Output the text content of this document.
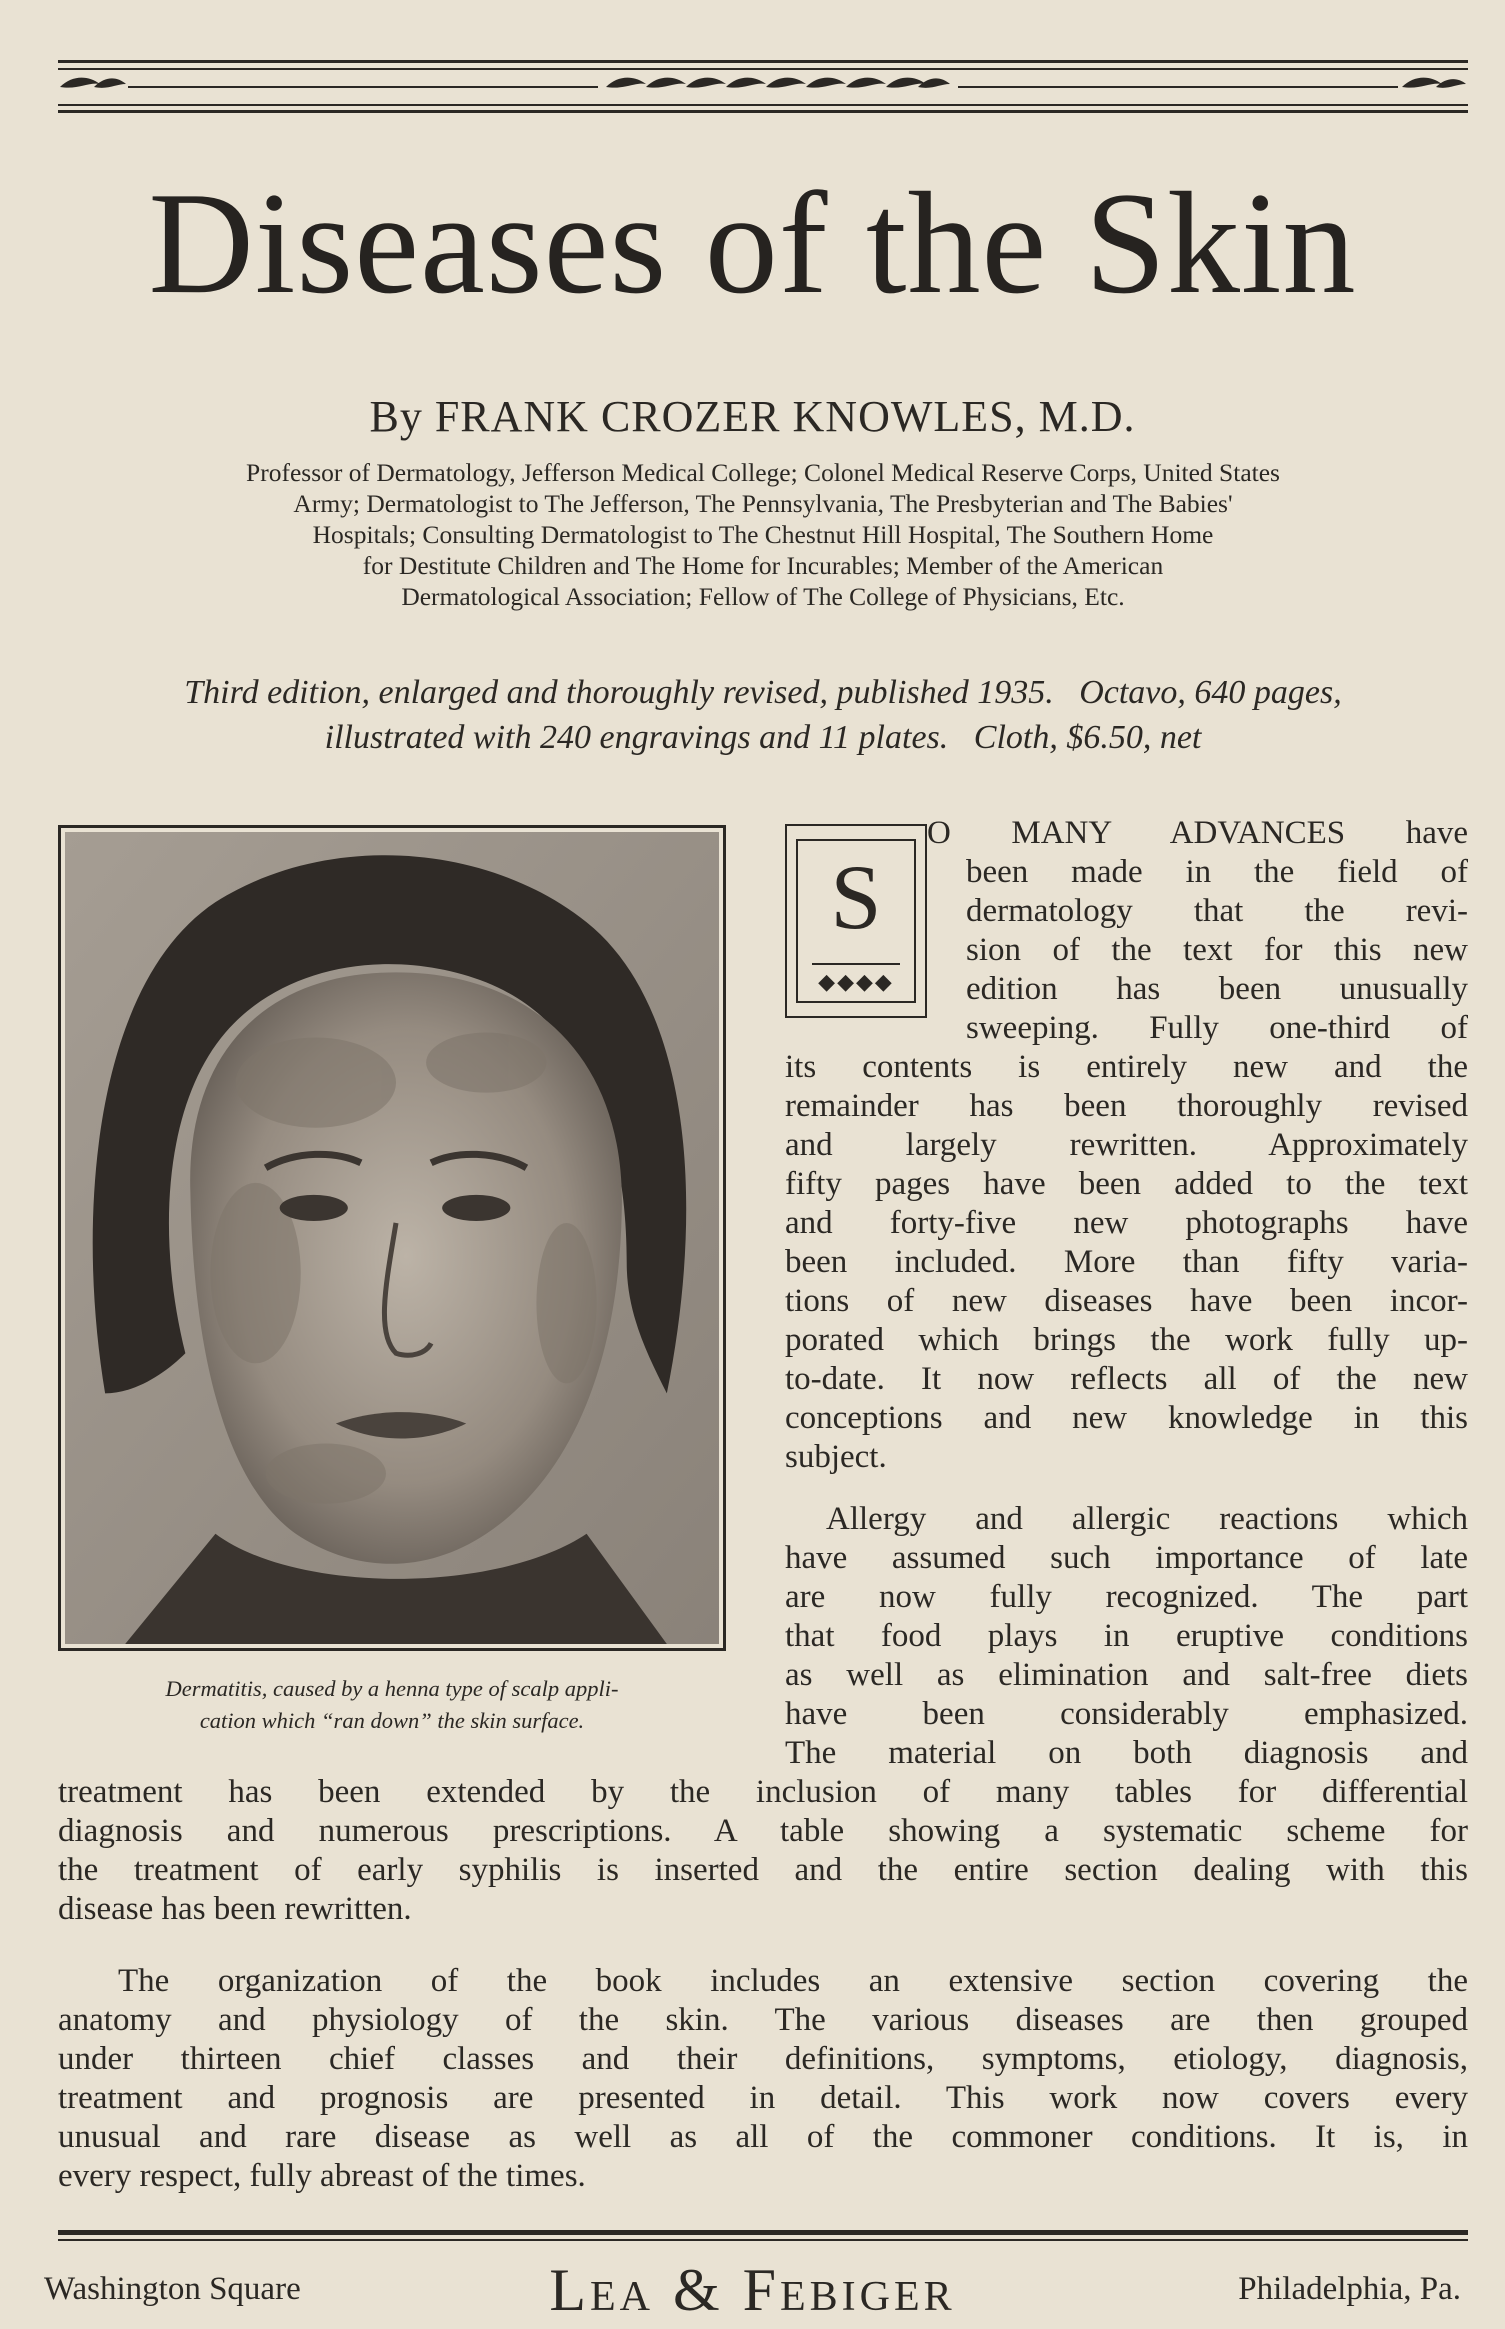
Diseases of the Skin
By FRANK CROZER KNOWLES, M.D.
Professor of Dermatology, Jefferson Medical College; Colonel Medical Reserve Corps, United States
Army; Dermatologist to The Jefferson, The Pennsylvania, The Presbyterian and The Babies'
Hospitals; Consulting Dermatologist to The Chestnut Hill Hospital, The Southern Home
for Destitute Children and The Home for Incurables; Member of the American
Dermatological Association; Fellow of The College of Physicians, Etc.
Third edition, enlarged and thoroughly revised, published 1935.   Octavo, 640 pages,
illustrated with 240 engravings and 11 plates.   Cloth, $6.50, net
Dermatitis, caused by a henna type of scalp appli-
cation which “ran down” the skin surface.
S
◆◆◆◆
O MANY ADVANCES have
been made in the field of
dermatology that the revi-
sion of the text for this new
edition has been unusually
sweeping. Fully one-third of
its contents is entirely new and the
remainder has been thoroughly revised
and largely rewritten. Approximately
fifty pages have been added to the text
and forty-five new photographs have
been included. More than fifty varia-
tions of new diseases have been incor-
porated which brings the work fully up-
to-date. It now reflects all of the new
conceptions and new knowledge in this
subject.
Allergy and allergic reactions which
have assumed such importance of late
are now fully recognized. The part
that food plays in eruptive conditions
as well as elimination and salt-free diets
have been considerably emphasized.
The material on both diagnosis and
treatment has been extended by the inclusion of many tables for differential
diagnosis and numerous prescriptions. A table showing a systematic scheme for
the treatment of early syphilis is inserted and the entire section dealing with this
disease has been rewritten.
The organization of the book includes an extensive section covering the
anatomy and physiology of the skin. The various diseases are then grouped
under thirteen chief classes and their definitions, symptoms, etiology, diagnosis,
treatment and prognosis are presented in detail. This work now covers every
unusual and rare disease as well as all of the commoner conditions. It is, in
every respect, fully abreast of the times.
Washington Square	Lea & Febiger	Philadelphia, Pa.
